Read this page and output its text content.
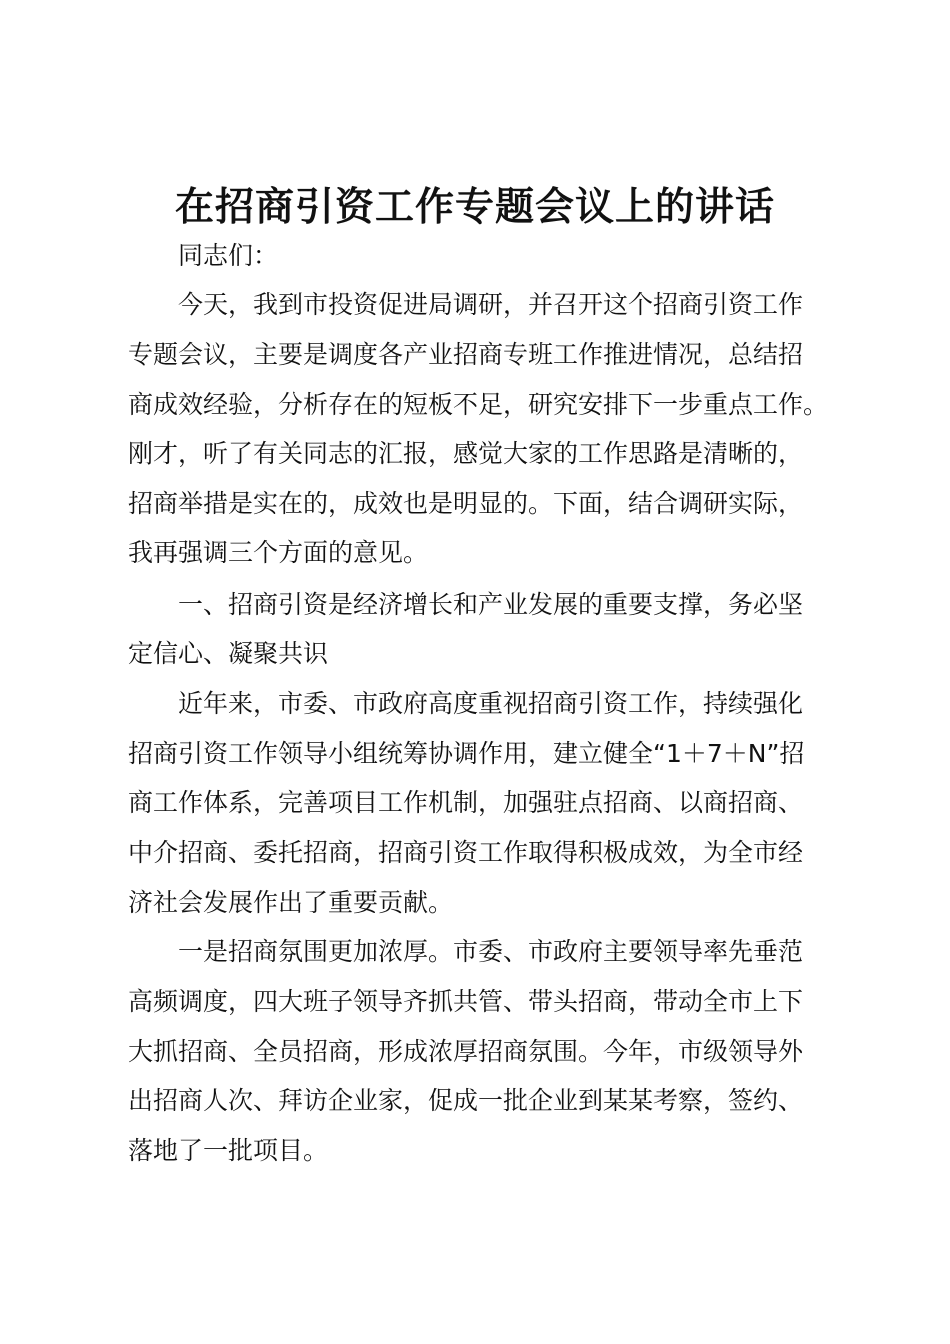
在招商引资工作专题会议上的讲话

同志们：

今天，我到市投资促进局调研，并召开这个招商引资工作

专题会议，主要是调度各产业招商专班工作推进情况，总结招

商成效经验，分析存在的短板不足，研究安排下一步重点工作。

刚才，听了有关同志的汇报，感觉大家的工作思路是清晰的，

招商举措是实在的，成效也是明显的。下面，结合调研实际，

我再强调三个方面的意见。

一、招商引资是经济增长和产业发展的重要支撑，务必坚

定信心、凝聚共识

近年来，市委、市政府高度重视招商引资工作，持续强化

招商引资工作领导小组统筹协调作用，建立健全“1＋7＋N”招

商工作体系，完善项目工作机制，加强驻点招商、以商招商、

中介招商、委托招商，招商引资工作取得积极成效，为全市经

济社会发展作出了重要贡献。

一是招商氛围更加浓厚。市委、市政府主要领导率先垂范

高频调度，四大班子领导齐抓共管、带头招商，带动全市上下

大抓招商、全员招商，形成浓厚招商氛围。今年，市级领导外

出招商人次、拜访企业家，促成一批企业到某某考察，签约、

落地了一批项目。
